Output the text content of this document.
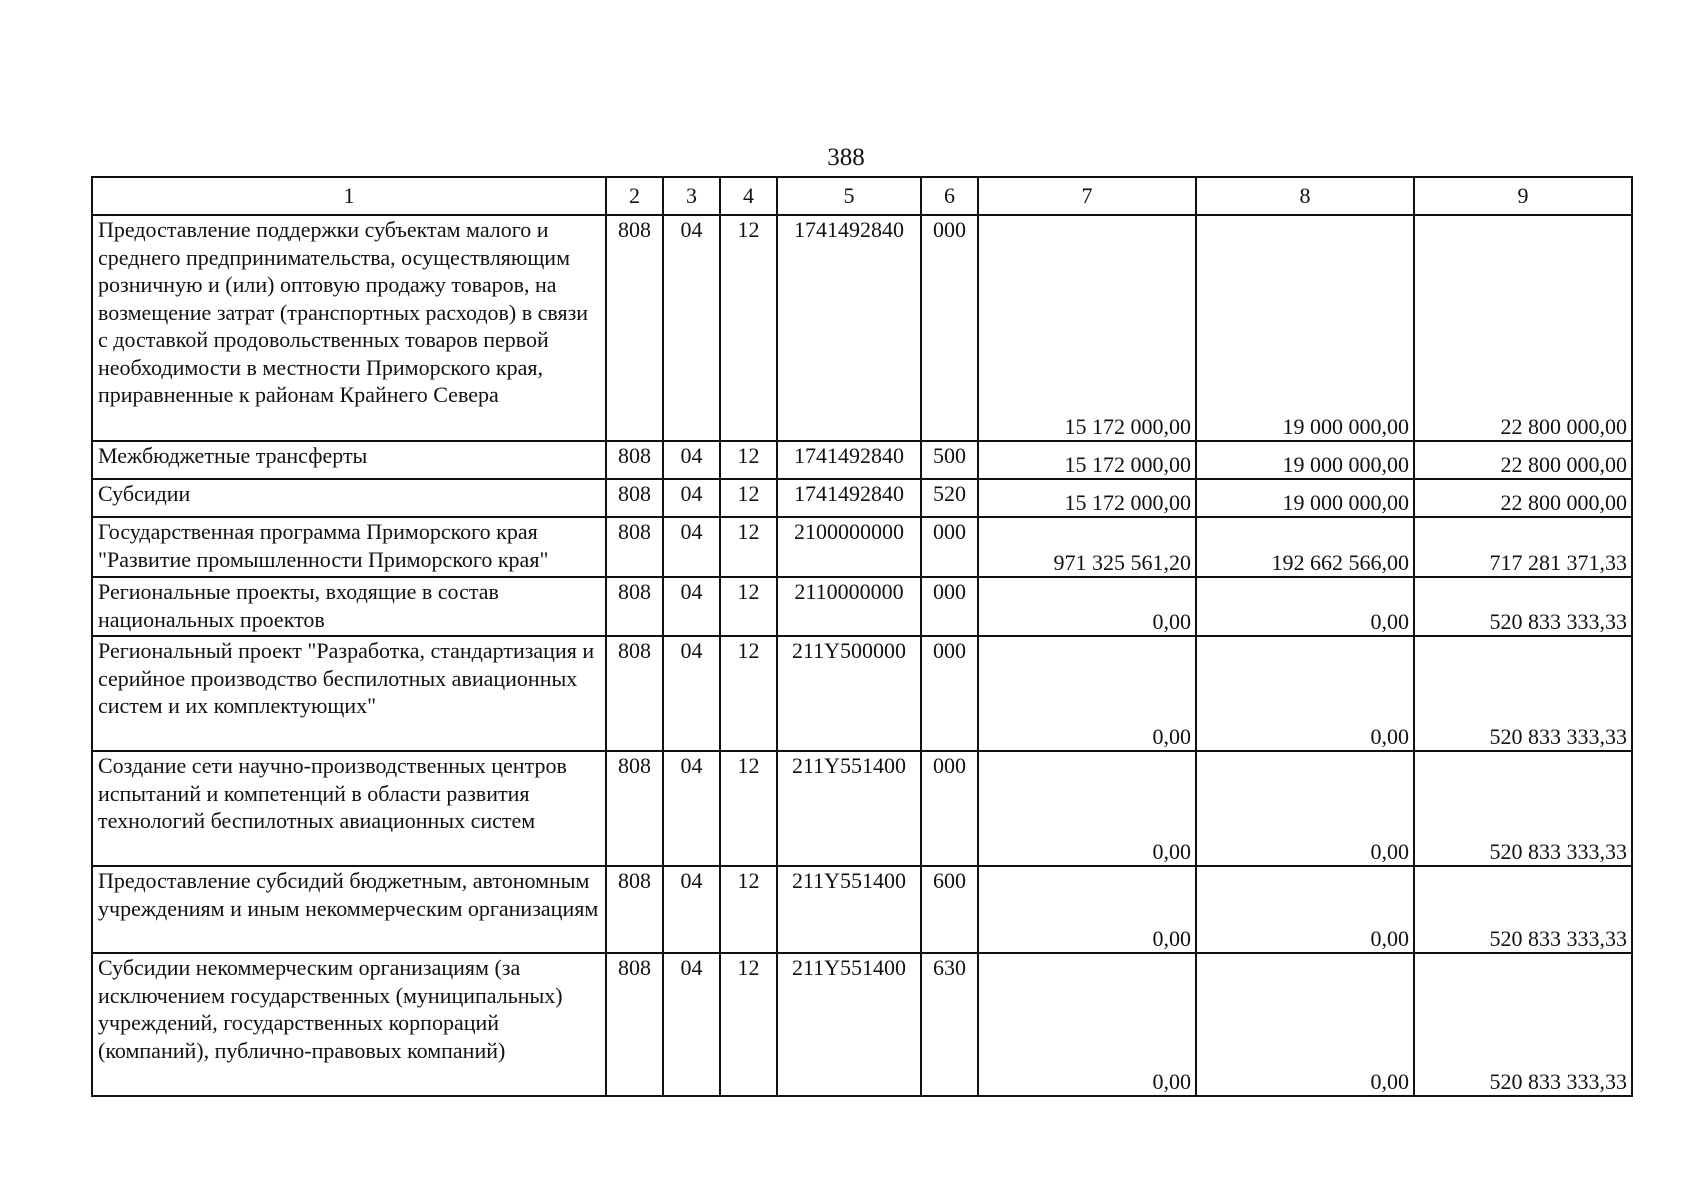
388
1	2	3	4	5	6	7	8	9
Предоставление поддержки субъектам малого и среднего предпринимательства, осуществляющим розничную и (или) оптовую продажу товаров, на возмещение затрат (транспортных расходов) в связи с доставкой продовольственных товаров первой необходимости в местности Приморского края, приравненные к районам Крайнего Севера	808	04	12	1741492840	000	15 172 000,00	19 000 000,00	22 800 000,00
Межбюджетные трансферты	808	04	12	1741492840	500	15 172 000,00	19 000 000,00	22 800 000,00
Субсидии	808	04	12	1741492840	520	15 172 000,00	19 000 000,00	22 800 000,00
Государственная программа Приморского края "Развитие промышленности Приморского края"	808	04	12	2100000000	000	971 325 561,20	192 662 566,00	717 281 371,33
Региональные проекты, входящие в состав национальных проектов	808	04	12	2110000000	000	0,00	0,00	520 833 333,33
Региональный проект "Разработка, стандартизация и серийное производство беспилотных авиационных систем и их комплектующих"	808	04	12	211Y500000	000	0,00	0,00	520 833 333,33
Создание сети научно-производственных центров испытаний и компетенций в области развития технологий беспилотных авиационных систем	808	04	12	211Y551400	000	0,00	0,00	520 833 333,33
Предоставление субсидий бюджетным, автономным учреждениям и иным некоммерческим организациям	808	04	12	211Y551400	600	0,00	0,00	520 833 333,33
Субсидии некоммерческим организациям (за исключением государственных (муниципальных) учреждений, государственных корпораций (компаний), публично-правовых компаний)	808	04	12	211Y551400	630	0,00	0,00	520 833 333,33
